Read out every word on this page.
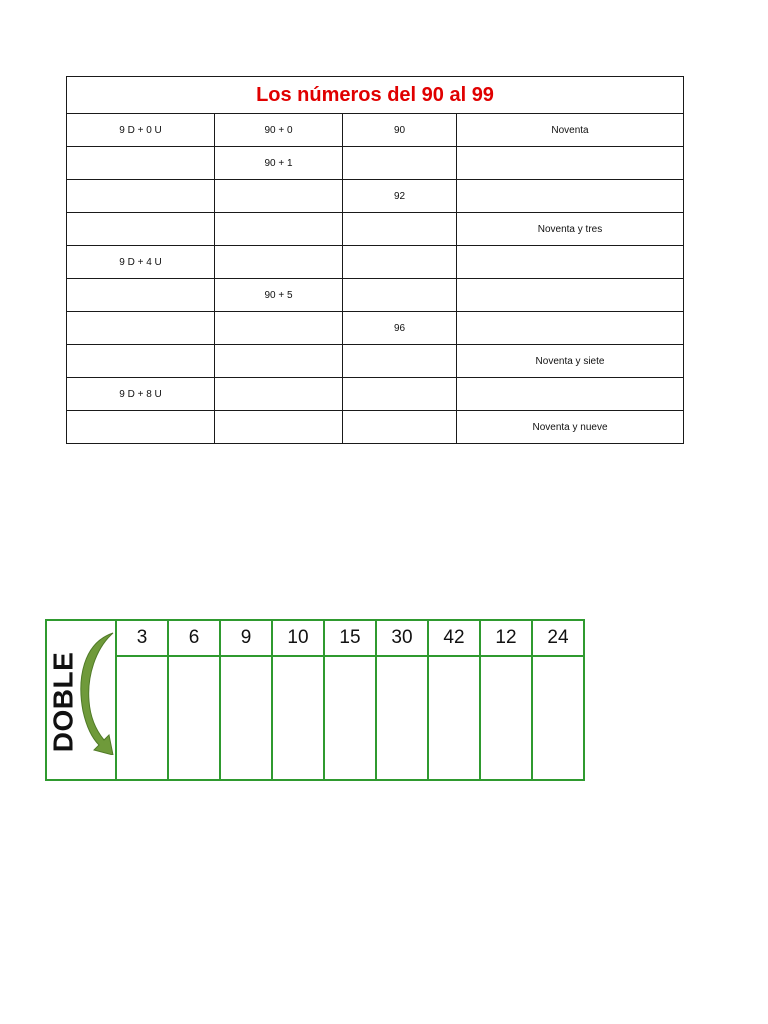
Los números del 90 al 99			
9 D + 0 U	90 + 0	90	Noventa
	90 + 1		
		92	
			Noventa y tres
9 D + 4 U			
	90 + 5		
		96	
			Noventa y siete
9 D + 8 U			
			Noventa y nueve
DOBLE	3	6	9	10	15	30	42	12	24
